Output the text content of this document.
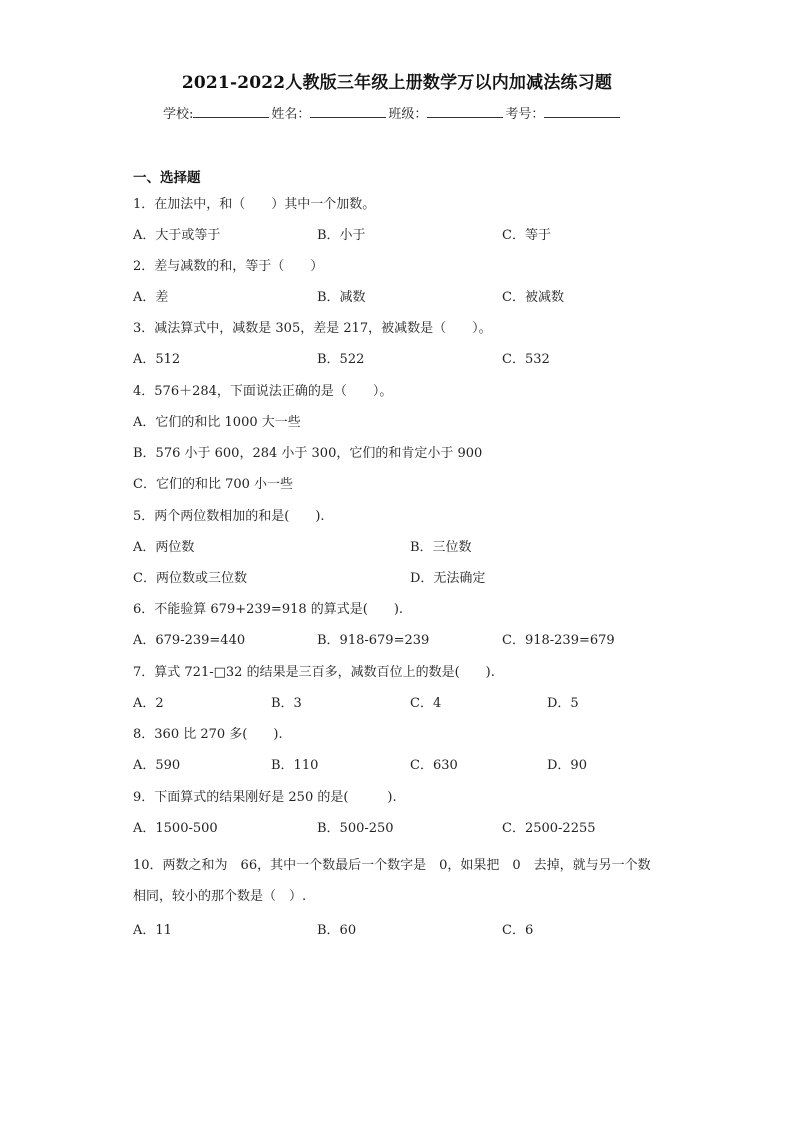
2021-2022人教版三年级上册数学万以内加减法练习题
学校:	姓名：	班级：	考号：
一、选择题
1．在加法中，和（　　）其中一个加数。
A．大于或等于	B．小于	C．等于
2．差与减数的和，等于（　　）
A．差	B．减数	C．被减数
3．减法算式中，减数是 305，差是 217，被减数是（　　）。
A．512	B．522	C．532
4．576＋284，下面说法正确的是（　　）。
A．它们的和比 1000 大一些
B．576 小于 600，284 小于 300，它们的和肯定小于 900
C．它们的和比 700 小一些
5．两个两位数相加的和是(　　).
A．两位数	B．三位数
C．两位数或三位数	D．无法确定
6．不能验算 679+239=918 的算式是(　　).
A．679-239=440	B．918-679=239	C．918-239=679
7．算式 721-□32 的结果是三百多，减数百位上的数是(　　).
A．2	B．3	C．4	D．5
8．360 比 270 多(　　).
A．590	B．110	C．630	D．90
9．下面算式的结果刚好是 250 的是(　　　).
A．1500-500	B．500-250	C．2500-2255
10．两数之和为　66，其中一个数最后一个数字是　0，如果把　0　去掉，就与另一个数相同，较小的那个数是（　）.
A．11	B．60	C．6
